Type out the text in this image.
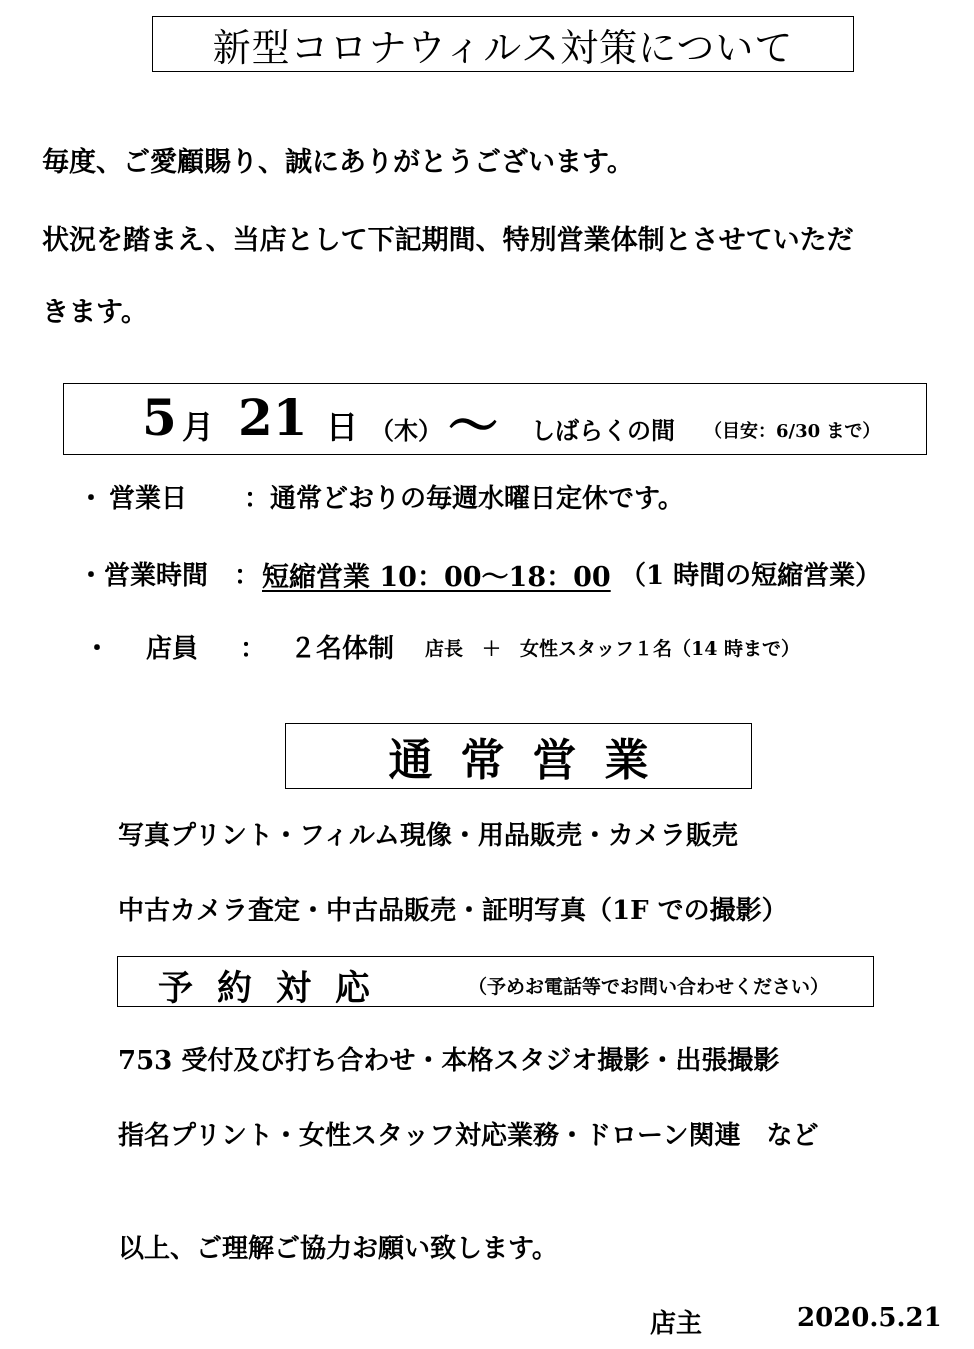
新型コロナウィルス対策について
毎度、ご愛顧賜り、誠にありがとうございます。
状況を踏まえ、当店として下記期間、特別営業体制とさせていただ
きます。
5 月 21 日 （木） 〜 しばらくの間 （目安：6/30 まで）
・ 営業日 ： 通常どおりの毎週水曜日定休です。
・営業時間 ： 短縮営業 10：00〜18：00 （1 時間の短縮営業）
・ 店員 ： ２名体制 店長　＋　女性スタッフ１名（14 時まで）
通常営業
写真プリント・フィルム現像・用品販売・カメラ販売
中古カメラ査定・中古品販売・証明写真（1F での撮影）
予約対応	（予めお電話等でお問い合わせください）
753 受付及び打ち合わせ・本格スタジオ撮影・出張撮影
指名プリント・女性スタッフ対応業務・ドローン関連　など
以上、ご理解ご協力お願い致します。
店主	2020.5.21
